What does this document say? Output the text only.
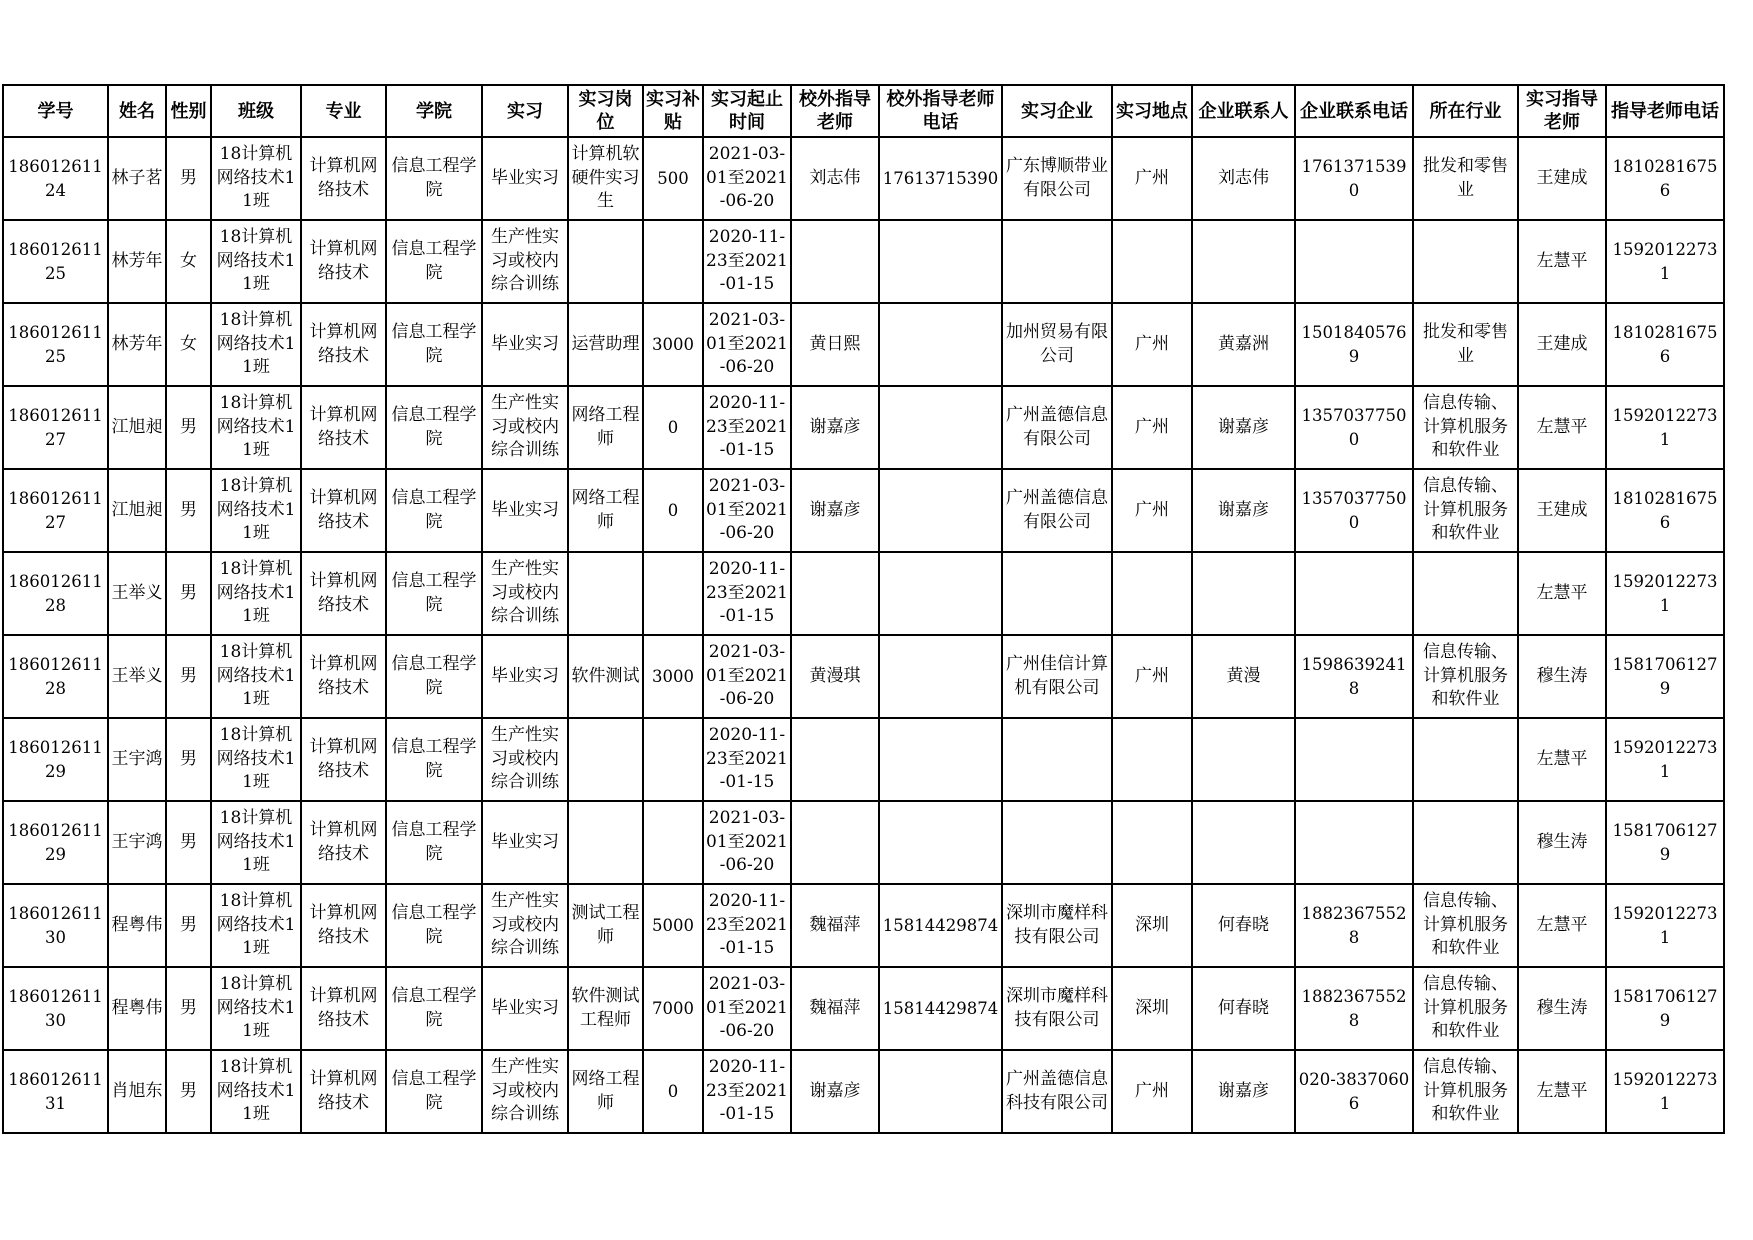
学号	姓名	性别	班级	专业	学院	实习	实习岗位	实习补贴	实习起止时间	校外指导老师	校外指导老师电话	实习企业	实习地点	企业联系人	企业联系电话	所在行业	实习指导老师	指导老师电话

18601261124	林子茗	男	18计算机网络技术11班	计算机网络技术	信息工程学院	毕业实习	计算机软硬件实习生	500	2021-03-01至2021-06-20	刘志伟	17613715390	广东博顺带业有限公司	广州	刘志伟	17613715390	批发和零售业	王建成	18102816756

18601261125	林芳年	女	18计算机网络技术11班	计算机网络技术	信息工程学院	生产性实习或校内综合训练			2020-11-23至2021-01-15								左慧平	15920122731

18601261125	林芳年	女	18计算机网络技术11班	计算机网络技术	信息工程学院	毕业实习	运营助理	3000	2021-03-01至2021-06-20	黄日熙		加州贸易有限公司	广州	黄嘉洲	15018405769	批发和零售业	王建成	18102816756

18601261127	江旭昶	男	18计算机网络技术11班	计算机网络技术	信息工程学院	生产性实习或校内综合训练	网络工程师	0	2020-11-23至2021-01-15	谢嘉彦		广州盖德信息有限公司	广州	谢嘉彦	13570377500	信息传输、计算机服务和软件业	左慧平	15920122731

18601261127	江旭昶	男	18计算机网络技术11班	计算机网络技术	信息工程学院	毕业实习	网络工程师	0	2021-03-01至2021-06-20	谢嘉彦		广州盖德信息有限公司	广州	谢嘉彦	13570377500	信息传输、计算机服务和软件业	王建成	18102816756

18601261128	王举义	男	18计算机网络技术11班	计算机网络技术	信息工程学院	生产性实习或校内综合训练			2020-11-23至2021-01-15								左慧平	15920122731

18601261128	王举义	男	18计算机网络技术11班	计算机网络技术	信息工程学院	毕业实习	软件测试	3000	2021-03-01至2021-06-20	黄漫琪		广州佳信计算机有限公司	广州	黄漫	15986392418	信息传输、计算机服务和软件业	穆生涛	15817061279

18601261129	王宇鸿	男	18计算机网络技术11班	计算机网络技术	信息工程学院	生产性实习或校内综合训练			2020-11-23至2021-01-15								左慧平	15920122731

18601261129	王宇鸿	男	18计算机网络技术11班	计算机网络技术	信息工程学院	毕业实习			2021-03-01至2021-06-20								穆生涛	15817061279

18601261130	程粤伟	男	18计算机网络技术11班	计算机网络技术	信息工程学院	生产性实习或校内综合训练	测试工程师	5000	2020-11-23至2021-01-15	魏福萍	15814429874	深圳市魔样科技有限公司	深圳	何春晓	18823675528	信息传输、计算机服务和软件业	左慧平	15920122731

18601261130	程粤伟	男	18计算机网络技术11班	计算机网络技术	信息工程学院	毕业实习	软件测试工程师	7000	2021-03-01至2021-06-20	魏福萍	15814429874	深圳市魔样科技有限公司	深圳	何春晓	18823675528	信息传输、计算机服务和软件业	穆生涛	15817061279

18601261131	肖旭东	男	18计算机网络技术11班	计算机网络技术	信息工程学院	生产性实习或校内综合训练	网络工程师	0	2020-11-23至2021-01-15	谢嘉彦		广州盖德信息科技有限公司	广州	谢嘉彦	020-38370606	信息传输、计算机服务和软件业	左慧平	15920122731
